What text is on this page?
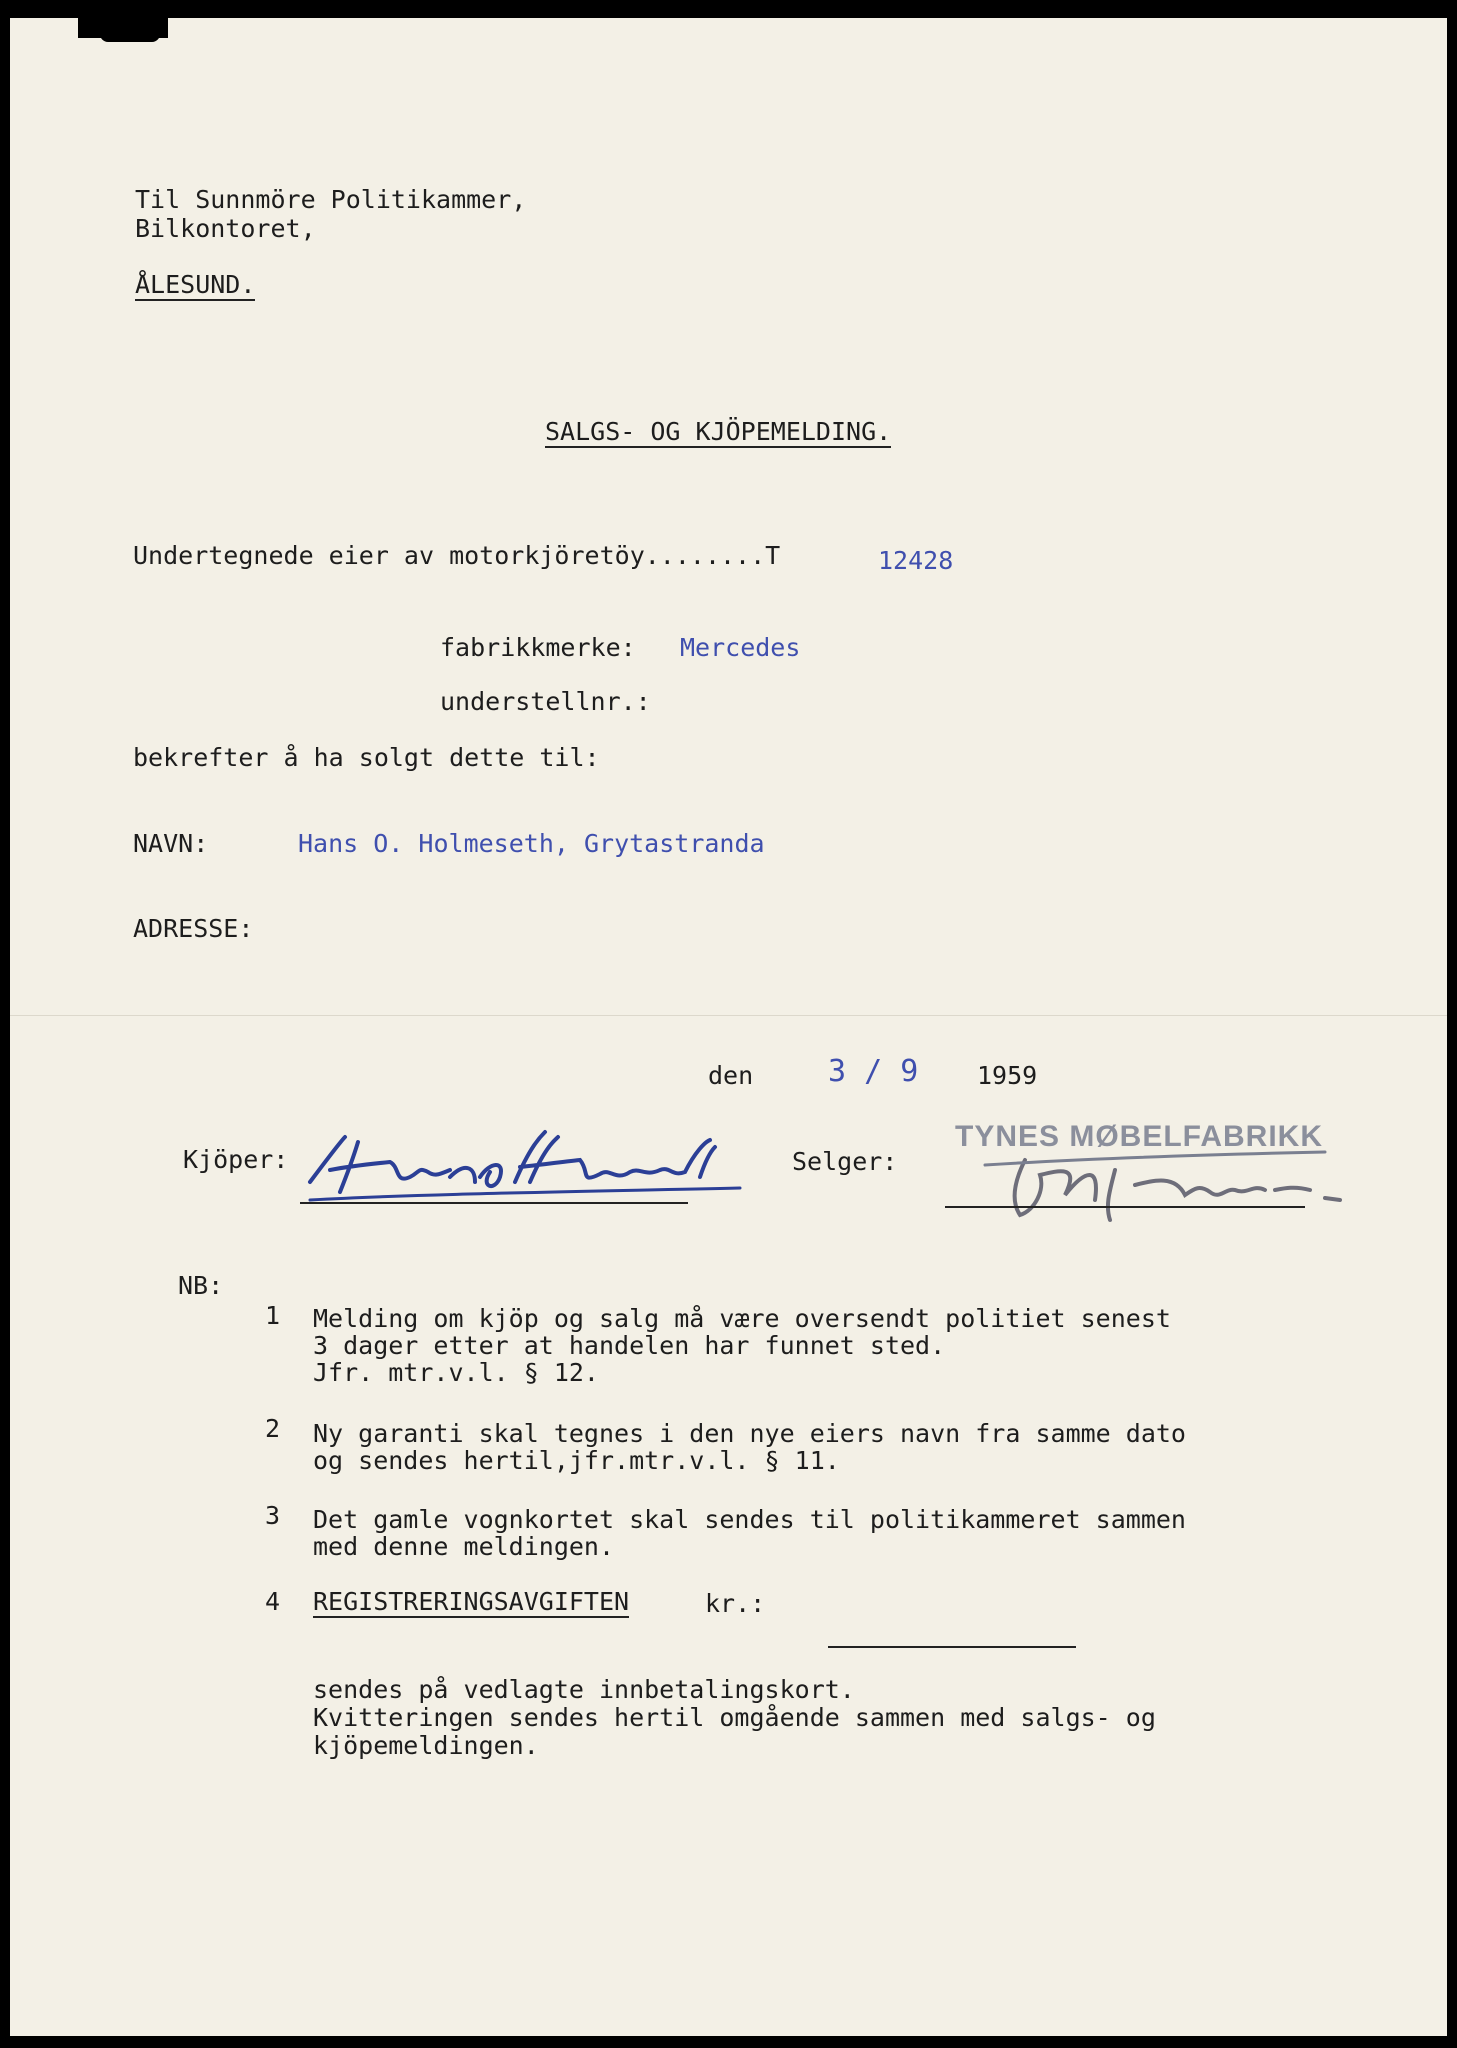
Til Sunnmöre Politikammer,
Bilkontoret,
ÅLESUND.
SALGS- OG KJÖPEMELDING.
Undertegnede eier av motorkjöretöy........T	12428
fabrikkmerke: Mercedes
understellnr.:
bekrefter å ha solgt dette til:
NAVN:	Hans O. Holmeseth, Grytastranda
ADRESSE:
den 3 / 9 1959
Kjöper:	Selger:
TYNES MØBELFABRIKK
NB:
1 Melding om kjöp og salg må være oversendt politiet senest
3 dager etter at handelen har funnet sted.
Jfr. mtr.v.l. § 12.
2 Ny garanti skal tegnes i den nye eiers navn fra samme dato
og sendes hertil,jfr.mtr.v.l. § 11.
3 Det gamle vognkortet skal sendes til politikammeret sammen
med denne meldingen.
4 REGISTRERINGSAVGIFTEN	kr.:
sendes på vedlagte innbetalingskort.
Kvitteringen sendes hertil omgående sammen med salgs- og
kjöpemeldingen.
